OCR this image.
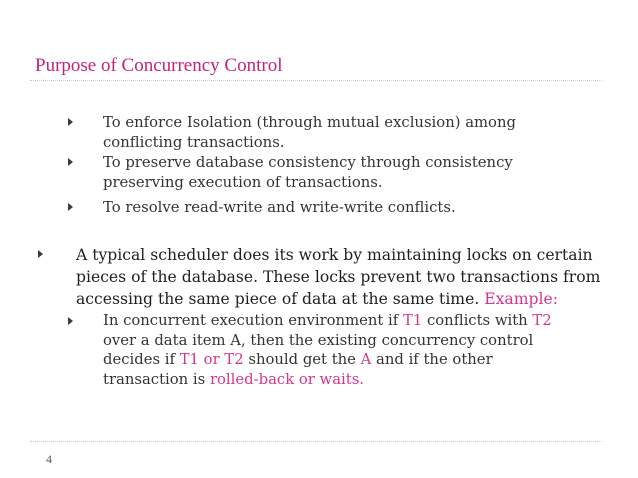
Purpose of Concurrency Control
To enforce Isolation (through mutual exclusion) among
conflicting transactions.
To preserve database consistency through consistency
preserving execution of transactions.
To resolve read-write and write-write conflicts.
A typical scheduler does its work by maintaining locks on certain
pieces of the database. These locks prevent two transactions from
accessing the same piece of data at the same time. Example:
In concurrent execution environment if T1 conflicts with T2
over a data item A, then the existing concurrency control
decides if T1 or T2 should get the A and if the other
transaction is rolled-back or waits.
4
